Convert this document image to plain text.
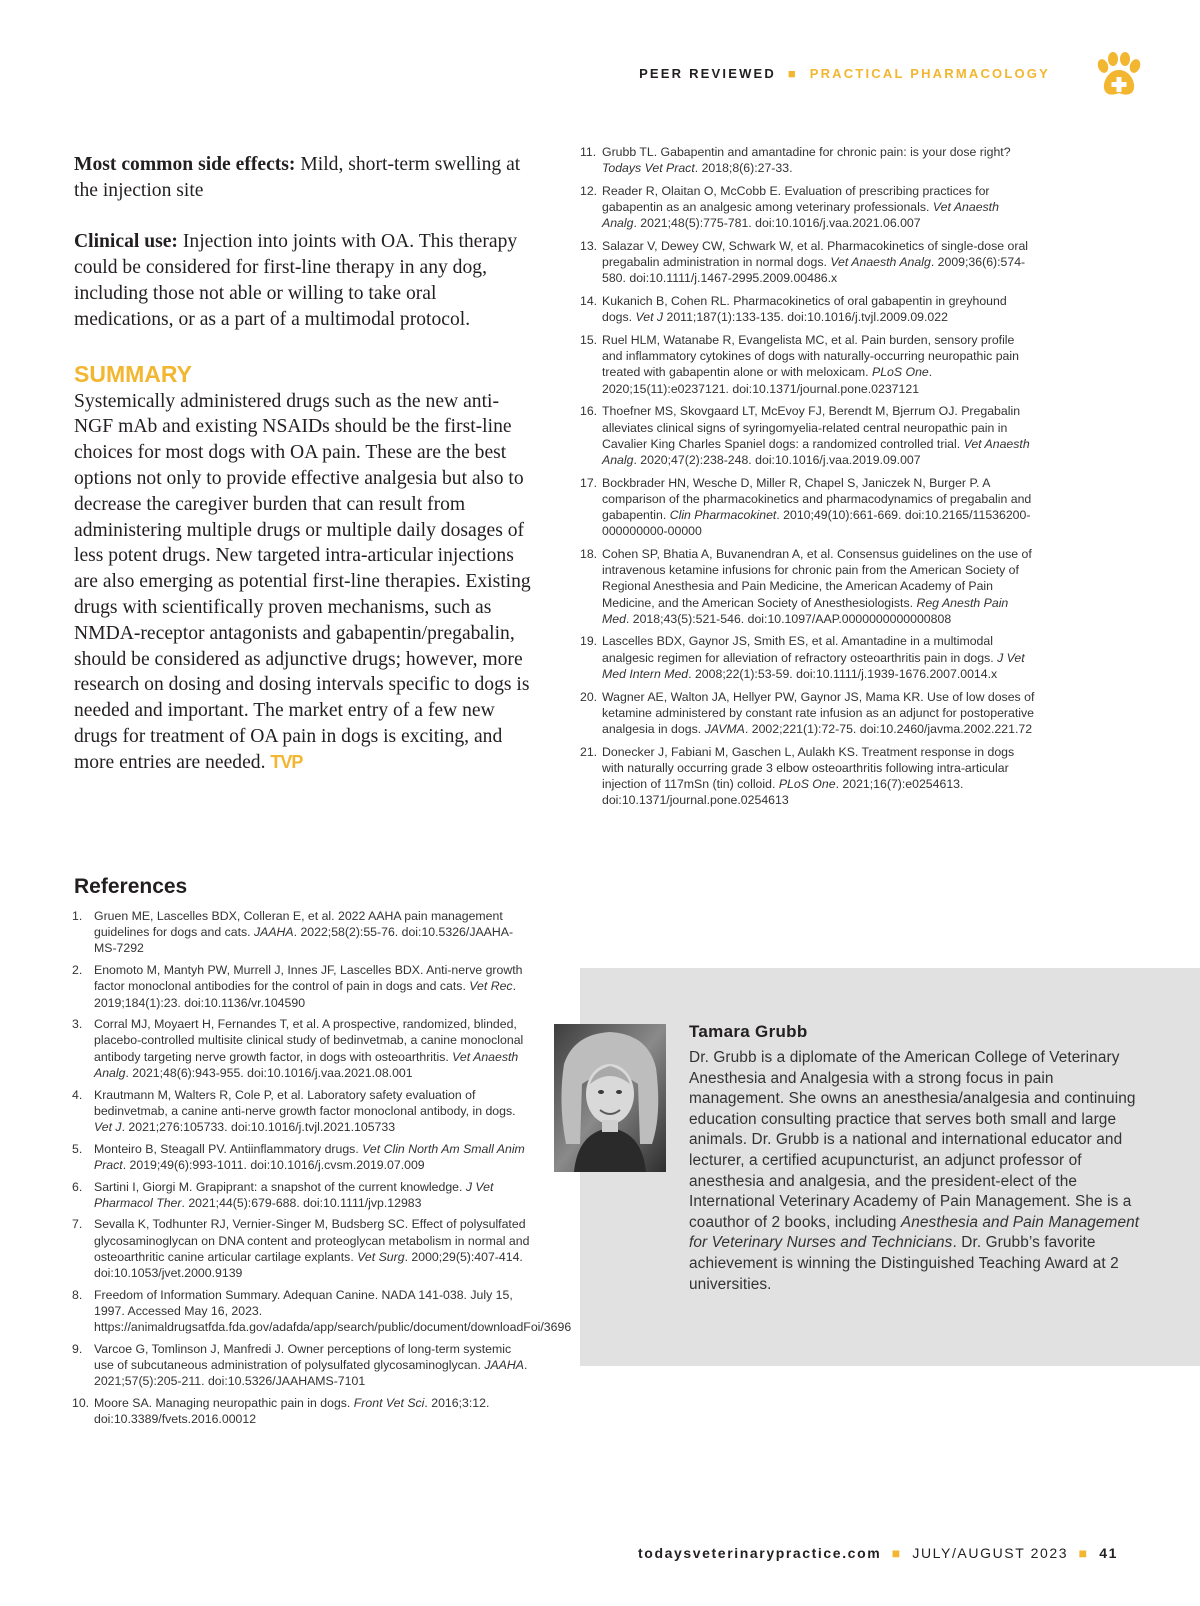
PEER REVIEWED ■ PRACTICAL PHARMACOLOGY

Most common side effects: Mild, short-term swelling at the injection site

Clinical use: Injection into joints with OA. This therapy could be considered for first-line therapy in any dog, including those not able or willing to take oral medications, or as a part of a multimodal protocol.

SUMMARY
Systemically administered drugs such as the new anti-NGF mAb and existing NSAIDs should be the first-line choices for most dogs with OA pain. These are the best options not only to provide effective analgesia but also to decrease the caregiver burden that can result from administering multiple drugs or multiple daily dosages of less potent drugs. New targeted intra-articular injections are also emerging as potential first-line therapies. Existing drugs with scientifically proven mechanisms, such as NMDA-receptor antagonists and gabapentin/pregabalin, should be considered as adjunctive drugs; however, more research on dosing and dosing intervals specific to dogs is needed and important. The market entry of a few new drugs for treatment of OA pain in dogs is exciting, and more entries are needed. TVP
References
1. Gruen ME, Lascelles BDX, Colleran E, et al. 2022 AAHA pain management guidelines for dogs and cats. JAAHA. 2022;58(2):55-76. doi:10.5326/JAAHA-MS-7292
2. Enomoto M, Mantyh PW, Murrell J, Innes JF, Lascelles BDX. Anti-nerve growth factor monoclonal antibodies for the control of pain in dogs and cats. Vet Rec. 2019;184(1):23. doi:10.1136/vr.104590
3. Corral MJ, Moyaert H, Fernandes T, et al. A prospective, randomized, blinded, placebo-controlled multisite clinical study of bedinvetmab, a canine monoclonal antibody targeting nerve growth factor, in dogs with osteoarthritis. Vet Anaesth Analg. 2021;48(6):943-955. doi:10.1016/j.vaa.2021.08.001
4. Krautmann M, Walters R, Cole P, et al. Laboratory safety evaluation of bedinvetmab, a canine anti-nerve growth factor monoclonal antibody, in dogs. Vet J. 2021;276:105733. doi:10.1016/j.tvjl.2021.105733
5. Monteiro B, Steagall PV. Antiinflammatory drugs. Vet Clin North Am Small Anim Pract. 2019;49(6):993-1011. doi:10.1016/j.cvsm.2019.07.009
6. Sartini I, Giorgi M. Grapiprant: a snapshot of the current knowledge. J Vet Pharmacol Ther. 2021;44(5):679-688. doi:10.1111/jvp.12983
7. Sevalla K, Todhunter RJ, Vernier-Singer M, Budsberg SC. Effect of polysulfated glycosaminoglycan on DNA content and proteoglycan metabolism in normal and osteoarthritic canine articular cartilage explants. Vet Surg. 2000;29(5):407-414. doi:10.1053/jvet.2000.9139
8. Freedom of Information Summary. Adequan Canine. NADA 141-038. July 15, 1997. Accessed May 16, 2023. https://animaldrugsatfda.fda.gov/adafda/app/search/public/document/downloadFoi/3696
9. Varcoe G, Tomlinson J, Manfredi J. Owner perceptions of long-term systemic use of subcutaneous administration of polysulfated glycosaminoglycan. JAAHA. 2021;57(5):205-211. doi:10.5326/JAAHAMS-7101
10. Moore SA. Managing neuropathic pain in dogs. Front Vet Sci. 2016;3:12. doi:10.3389/fvets.2016.00012
11. Grubb TL. Gabapentin and amantadine for chronic pain: is your dose right? Todays Vet Pract. 2018;8(6):27-33.
12. Reader R, Olaitan O, McCobb E. Evaluation of prescribing practices for gabapentin as an analgesic among veterinary professionals. Vet Anaesth Analg. 2021;48(5):775-781. doi:10.1016/j.vaa.2021.06.007
13. Salazar V, Dewey CW, Schwark W, et al. Pharmacokinetics of single-dose oral pregabalin administration in normal dogs. Vet Anaesth Analg. 2009;36(6):574-580. doi:10.1111/j.1467-2995.2009.00486.x
14. Kukanich B, Cohen RL. Pharmacokinetics of oral gabapentin in greyhound dogs. Vet J 2011;187(1):133-135. doi:10.1016/j.tvjl.2009.09.022
15. Ruel HLM, Watanabe R, Evangelista MC, et al. Pain burden, sensory profile and inflammatory cytokines of dogs with naturally-occurring neuropathic pain treated with gabapentin alone or with meloxicam. PLoS One. 2020;15(11):e0237121. doi:10.1371/journal.pone.0237121
16. Thoefner MS, Skovgaard LT, McEvoy FJ, Berendt M, Bjerrum OJ. Pregabalin alleviates clinical signs of syringomyelia-related central neuropathic pain in Cavalier King Charles Spaniel dogs: a randomized controlled trial. Vet Anaesth Analg. 2020;47(2):238-248. doi:10.1016/j.vaa.2019.09.007
17. Bockbrader HN, Wesche D, Miller R, Chapel S, Janiczek N, Burger P. A comparison of the pharmacokinetics and pharmacodynamics of pregabalin and gabapentin. Clin Pharmacokinet. 2010;49(10):661-669. doi:10.2165/11536200-000000000-00000
18. Cohen SP, Bhatia A, Buvanendran A, et al. Consensus guidelines on the use of intravenous ketamine infusions for chronic pain from the American Society of Regional Anesthesia and Pain Medicine, the American Academy of Pain Medicine, and the American Society of Anesthesiologists. Reg Anesth Pain Med. 2018;43(5):521-546. doi:10.1097/AAP.0000000000000808
19. Lascelles BDX, Gaynor JS, Smith ES, et al. Amantadine in a multimodal analgesic regimen for alleviation of refractory osteoarthritis pain in dogs. J Vet Med Intern Med. 2008;22(1):53-59. doi:10.1111/j.1939-1676.2007.0014.x
20. Wagner AE, Walton JA, Hellyer PW, Gaynor JS, Mama KR. Use of low doses of ketamine administered by constant rate infusion as an adjunct for postoperative analgesia in dogs. JAVMA. 2002;221(1):72-75. doi:10.2460/javma.2002.221.72
21. Donecker J, Fabiani M, Gaschen L, Aulakh KS. Treatment response in dogs with naturally occurring grade 3 elbow osteoarthritis following intra-articular injection of 117mSn (tin) colloid. PLoS One. 2021;16(7):e0254613. doi:10.1371/journal.pone.0254613
Tamara Grubb
Dr. Grubb is a diplomate of the American College of Veterinary Anesthesia and Analgesia with a strong focus in pain management. She owns an anesthesia/analgesia and continuing education consulting practice that serves both small and large animals. Dr. Grubb is a national and international educator and lecturer, a certified acupuncturist, an adjunct professor of anesthesia and analgesia, and the president-elect of the International Veterinary Academy of Pain Management. She is a coauthor of 2 books, including Anesthesia and Pain Management for Veterinary Nurses and Technicians. Dr. Grubb’s favorite achievement is winning the Distinguished Teaching Award at 2 universities.
todaysveterinarypractice.com ■ JULY/AUGUST 2023 ■ 41
